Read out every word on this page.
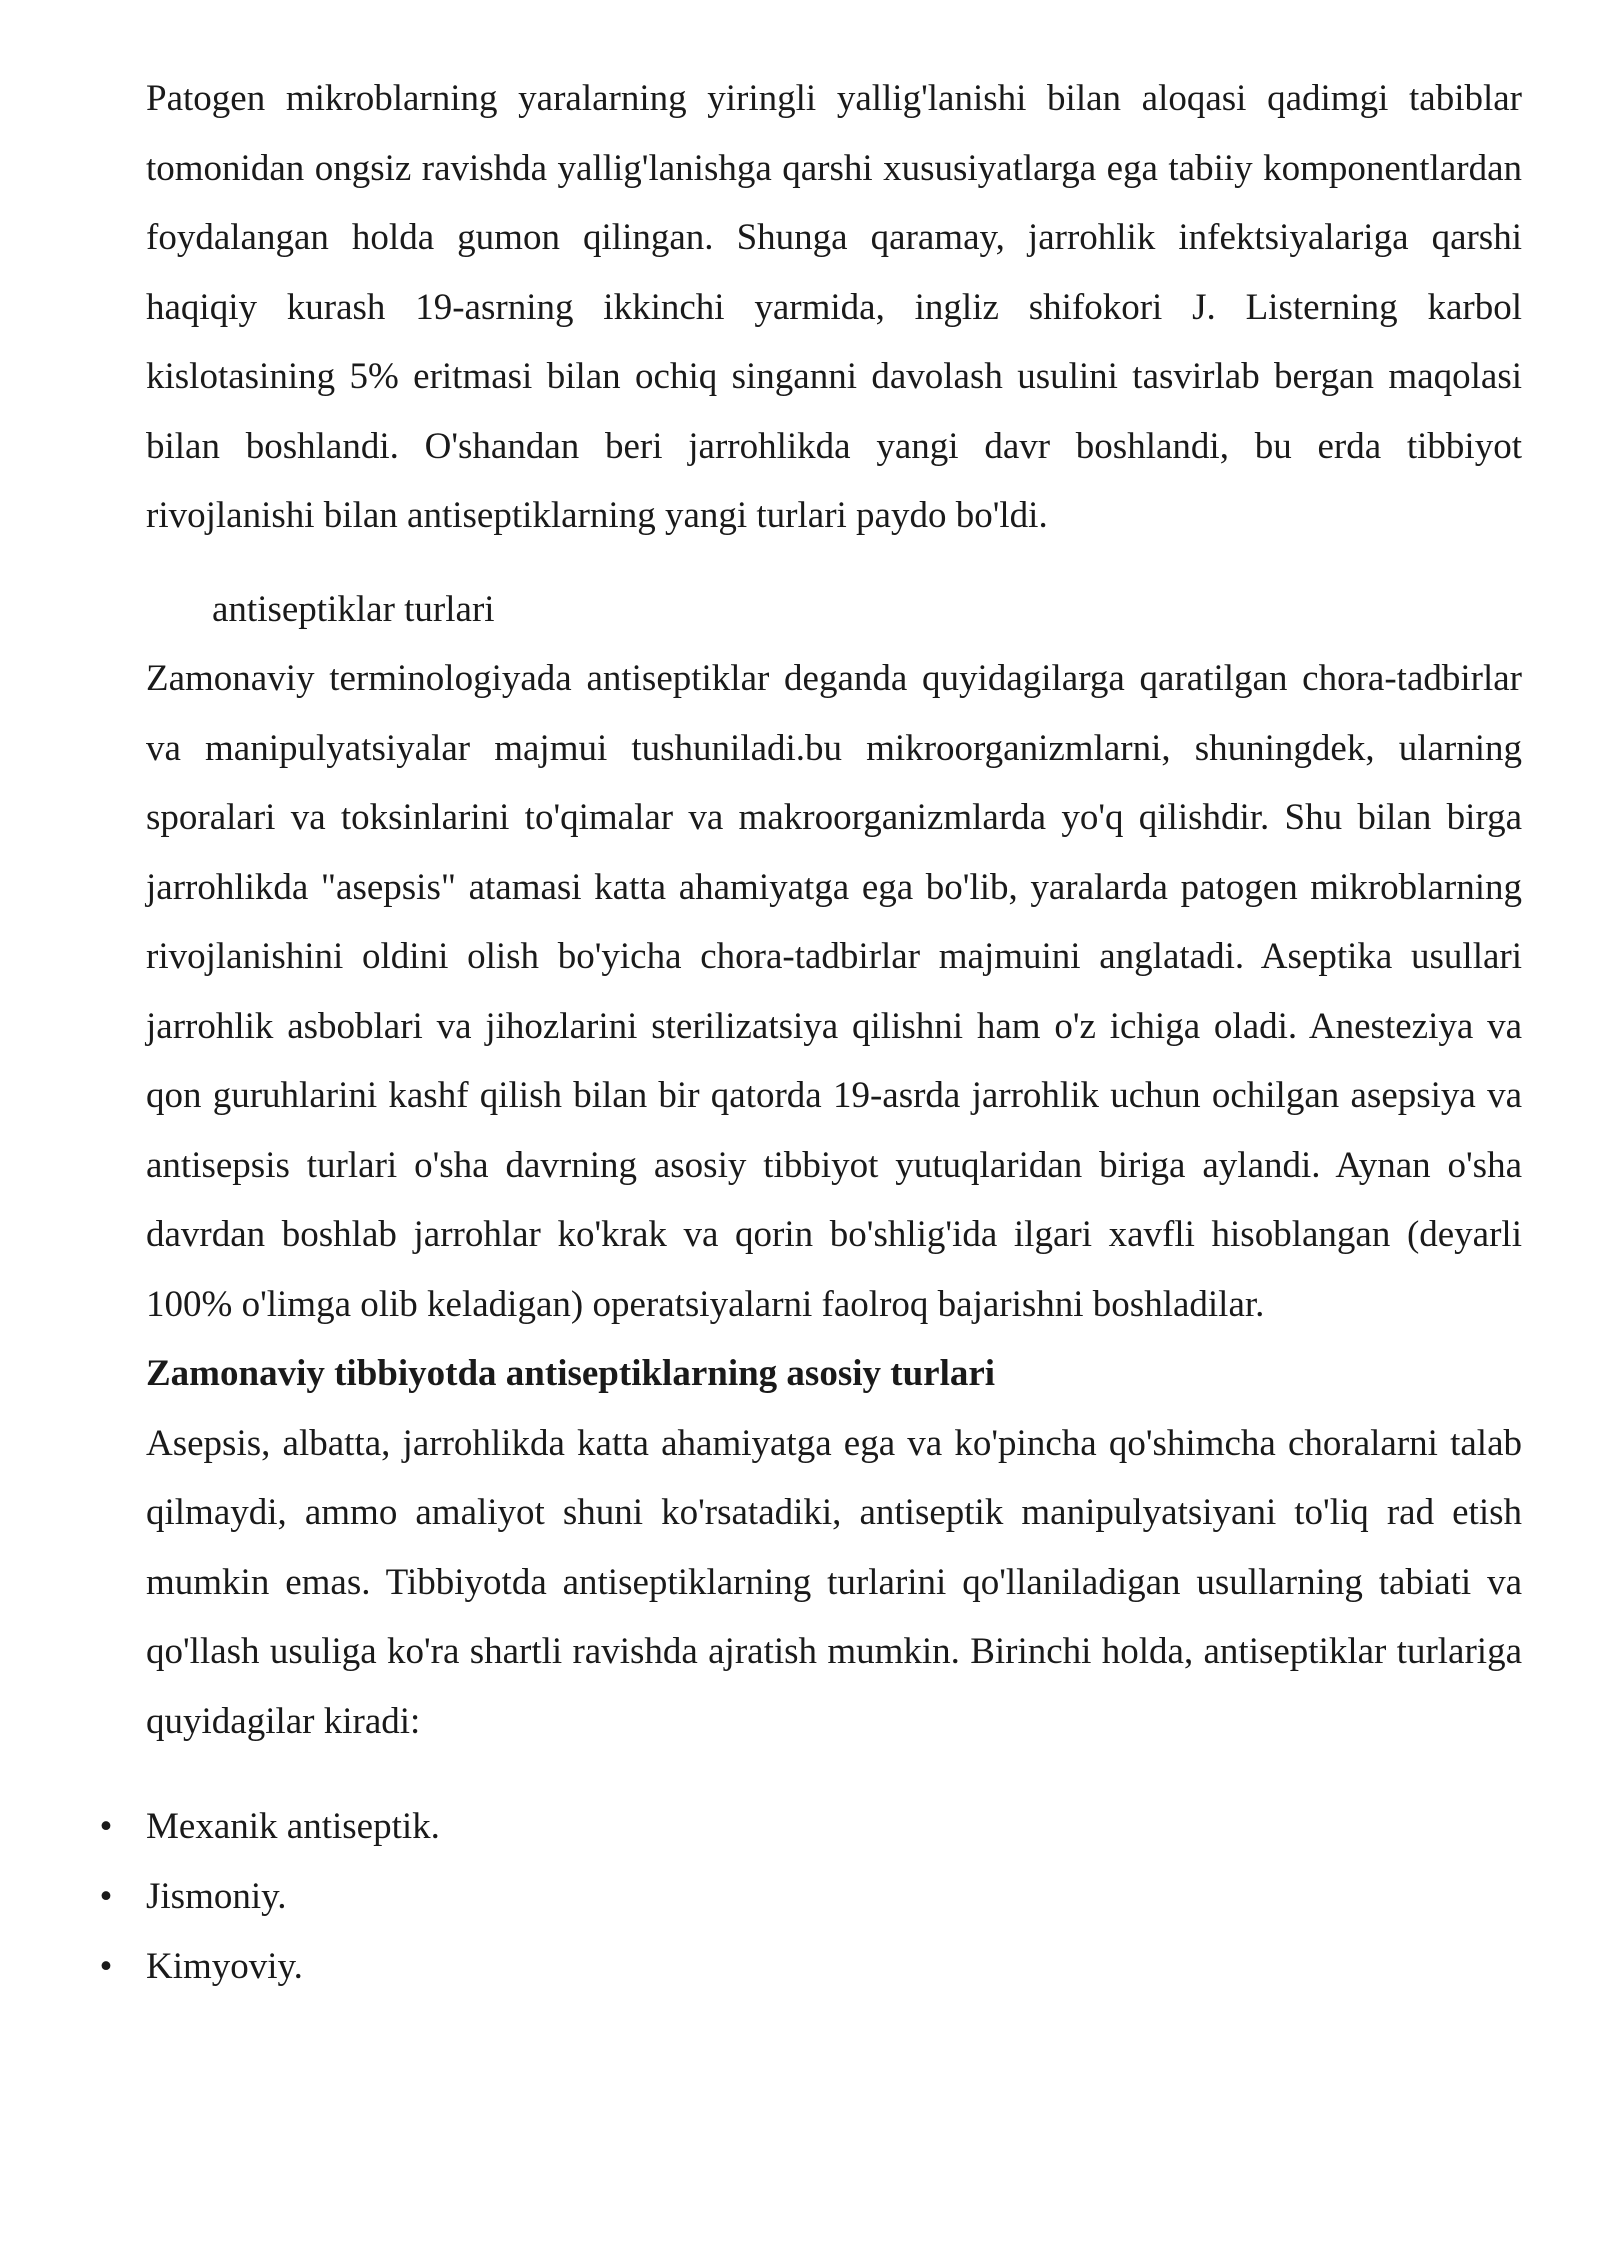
Patogen mikroblarning yaralarning yiringli yallig'lanishi bilan aloqasi qadimgi tabiblar tomonidan ongsiz ravishda yallig'lanishga qarshi xususiyatlarga ega tabiiy komponentlardan foydalangan holda gumon qilingan. Shunga qaramay, jarrohlik infektsiyalariga qarshi haqiqiy kurash 19-asrning ikkinchi yarmida, ingliz shifokori J. Listerning karbol kislotasining 5% eritmasi bilan ochiq singanni davolash usulini tasvirlab bergan maqolasi bilan boshlandi. O'shandan beri jarrohlikda yangi davr boshlandi, bu erda tibbiyot rivojlanishi bilan antiseptiklarning yangi turlari paydo bo'ldi.

antiseptiklar turlari

Zamonaviy terminologiyada antiseptiklar deganda quyidagilarga qaratilgan chora-tadbirlar va manipulyatsiyalar majmui tushuniladi.bu mikroorganizmlarni, shuningdek, ularning sporalari va toksinlarini to'qimalar va makroorganizmlarda yo'q qilishdir. Shu bilan birga jarrohlikda "asepsis" atamasi katta ahamiyatga ega bo'lib, yaralarda patogen mikroblarning rivojlanishini oldini olish bo'yicha chora-tadbirlar majmuini anglatadi. Aseptika usullari jarrohlik asboblari va jihozlarini sterilizatsiya qilishni ham o'z ichiga oladi. Anesteziya va qon guruhlarini kashf qilish bilan bir qatorda 19-asrda jarrohlik uchun ochilgan asepsiya va antisepsis turlari o'sha davrning asosiy tibbiyot yutuqlaridan biriga aylandi. Aynan o'sha davrdan boshlab jarrohlar ko'krak va qorin bo'shlig'ida ilgari xavfli hisoblangan (deyarli 100% o'limga olib keladigan) operatsiyalarni faolroq bajarishni boshladilar.

Zamonaviy tibbiyotda antiseptiklarning asosiy turlari

Asepsis, albatta, jarrohlikda katta ahamiyatga ega va ko'pincha qo'shimcha choralarni talab qilmaydi, ammo amaliyot shuni ko'rsatadiki, antiseptik manipulyatsiyani to'liq rad etish mumkin emas. Tibbiyotda antiseptiklarning turlarini qo'llaniladigan usullarning tabiati va qo'llash usuliga ko'ra shartli ravishda ajratish mumkin. Birinchi holda, antiseptiklar turlariga quyidagilar kiradi:

• Mexanik antiseptik.
• Jismoniy.
• Kimyoviy.
